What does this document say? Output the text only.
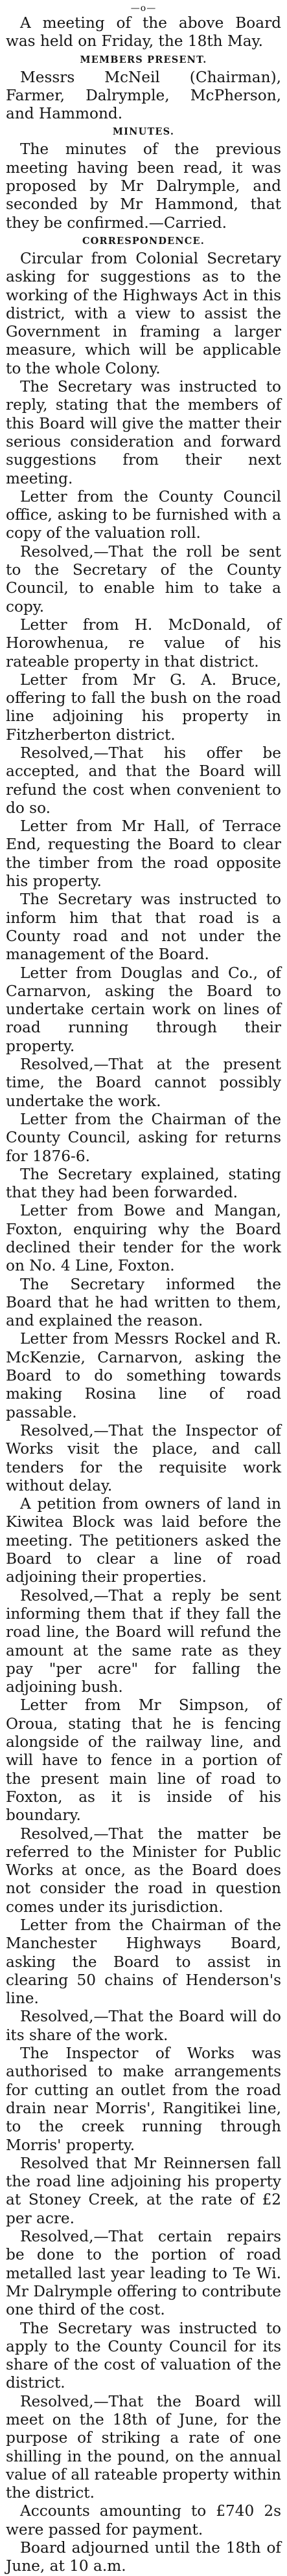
—o—

A meeting of the above Board was held on Friday, the 18th May.

MEMBERS PRESENT.

Messrs McNeil (Chairman), Farmer, Dalrymple, McPherson, and Hammond.

MINUTES.

The minutes of the previous meeting having been read, it was proposed by Mr Dalrymple, and seconded by Mr Hammond, that they be confirmed.—Carried.

CORRESPONDENCE.

Circular from Colonial Secretary asking for suggestions as to the working of the Highways Act in this district, with a view to assist the Government in framing a larger measure, which will be applicable to the whole Colony.

The Secretary was instructed to reply, stating that the members of this Board will give the matter their serious consideration and forward suggestions from their next meeting.

Letter from the County Council office, asking to be furnished with a copy of the valuation roll.

Resolved,—That the roll be sent to the Secretary of the County Council, to enable him to take a copy.

Letter from H. McDonald, of Horowhenua, re value of his rateable property in that district.

Letter from Mr G. A. Bruce, offering to fall the bush on the road line adjoining his property in Fitzherberton district.

Resolved,—That his offer be accepted, and that the Board will refund the cost when convenient to do so.

Letter from Mr Hall, of Terrace End, requesting the Board to clear the timber from the road opposite his property.

The Secretary was instructed to inform him that that road is a County road and not under the management of the Board.

Letter from Douglas and Co., of Carnarvon, asking the Board to undertake certain work on lines of road running through their property.

Resolved,—That at the present time, the Board cannot possibly undertake the work.

Letter from the Chairman of the County Council, asking for returns for 1876-6.

The Secretary explained, stating that they had been forwarded.

Letter from Bowe and Mangan, Foxton, enquiring why the Board declined their tender for the work on No. 4 Line, Foxton.

The Secretary informed the Board that he had written to them, and explained the reason.

Letter from Messrs Rockel and R. McKenzie, Carnarvon, asking the Board to do something towards making Rosina line of road passable.

Resolved,—That the Inspector of Works visit the place, and call tenders for the requisite work without delay.

A petition from owners of land in Kiwitea Block was laid before the meeting. The petitioners asked the Board to clear a line of road adjoining their properties.

Resolved,—That a reply be sent informing them that if they fall the road line, the Board will refund the amount at the same rate as they pay "per acre" for falling the adjoining bush.

Letter from Mr Simpson, of Oroua, stating that he is fencing alongside of the railway line, and will have to fence in a portion of the present main line of road to Foxton, as it is inside of his boundary.

Resolved,—That the matter be referred to the Minister for Public Works at once, as the Board does not consider the road in question comes under its jurisdiction.

Letter from the Chairman of the Manchester Highways Board, asking the Board to assist in clearing 50 chains of Henderson's line.

Resolved,—That the Board will do its share of the work.

The Inspector of Works was authorised to make arrangements for cutting an outlet from the road drain near Morris', Rangitikei line, to the creek running through Morris' property.

Resolved that Mr Reinnersen fall the road line adjoining his property at Stoney Creek, at the rate of £2 per acre.

Resolved,—That certain repairs be done to the portion of road metalled last year leading to Te Wi. Mr Dalrymple offering to contribute one third of the cost.

The Secretary was instructed to apply to the County Council for its share of the cost of valuation of the district.

Resolved,—That the Board will meet on the 18th of June, for the purpose of striking a rate of one shilling in the pound, on the annual value of all rateable property within the district.

Accounts amounting to £740 2s were passed for payment.

Board adjourned until the 18th of June, at 10 a.m.
